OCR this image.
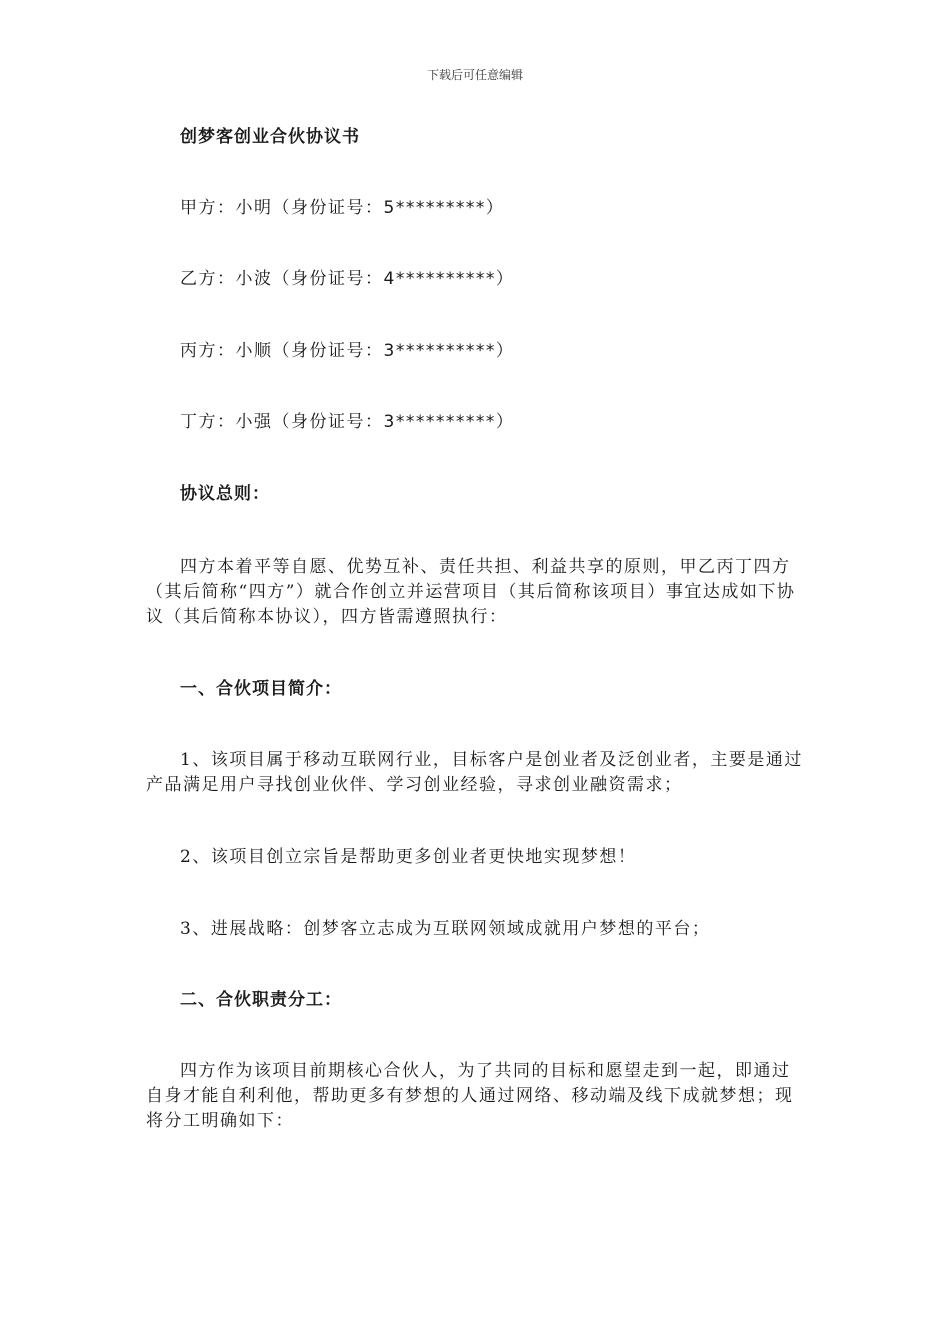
下载后可任意编辑

创梦客创业合伙协议书

甲方：小明（身份证号：5*********）

乙方：小波（身份证号：4**********）

丙方：小顺（身份证号：3**********）

丁方：小强（身份证号：3**********）

协议总则：

四方本着平等自愿、优势互补、责任共担、利益共享的原则，甲乙丙丁四方（其后简称“四方”）就合作创立并运营项目（其后简称该项目）事宜达成如下协议（其后简称本协议），四方皆需遵照执行：

一、合伙项目简介：

1、该项目属于移动互联网行业，目标客户是创业者及泛创业者，主要是通过产品满足用户寻找创业伙伴、学习创业经验，寻求创业融资需求；

2、该项目创立宗旨是帮助更多创业者更快地实现梦想！

3、进展战略：创梦客立志成为互联网领域成就用户梦想的平台；

二、合伙职责分工：

四方作为该项目前期核心合伙人，为了共同的目标和愿望走到一起，即通过自身才能自利利他，帮助更多有梦想的人通过网络、移动端及线下成就梦想；现将分工明确如下：
